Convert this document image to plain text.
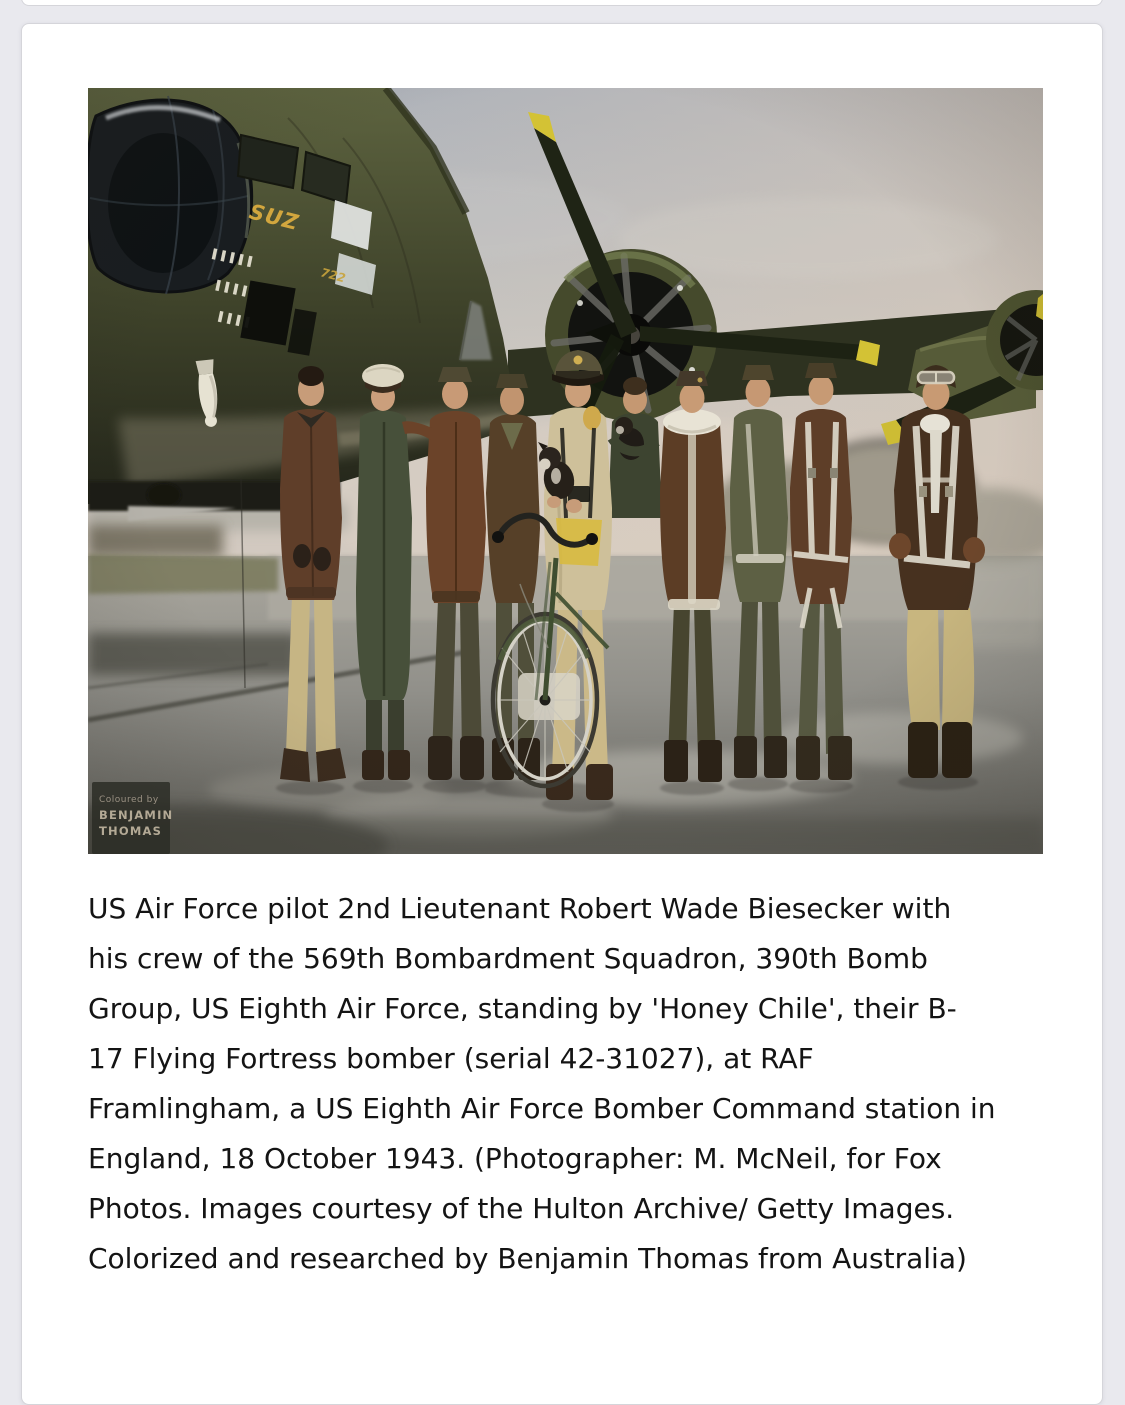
Coloured by
BENJAMIN
THOMAS
US Air Force pilot 2nd Lieutenant Robert Wade Biesecker with
his crew of the 569th Bombardment Squadron, 390th Bomb
Group, US Eighth Air Force, standing by 'Honey Chile', their B-
17 Flying Fortress bomber (serial 42-31027), at RAF
Framlingham, a US Eighth Air Force Bomber Command station in
England, 18 October 1943. (Photographer: M. McNeil, for Fox
Photos. Images courtesy of the Hulton Archive/ Getty Images.
Colorized and researched by Benjamin Thomas from Australia)
